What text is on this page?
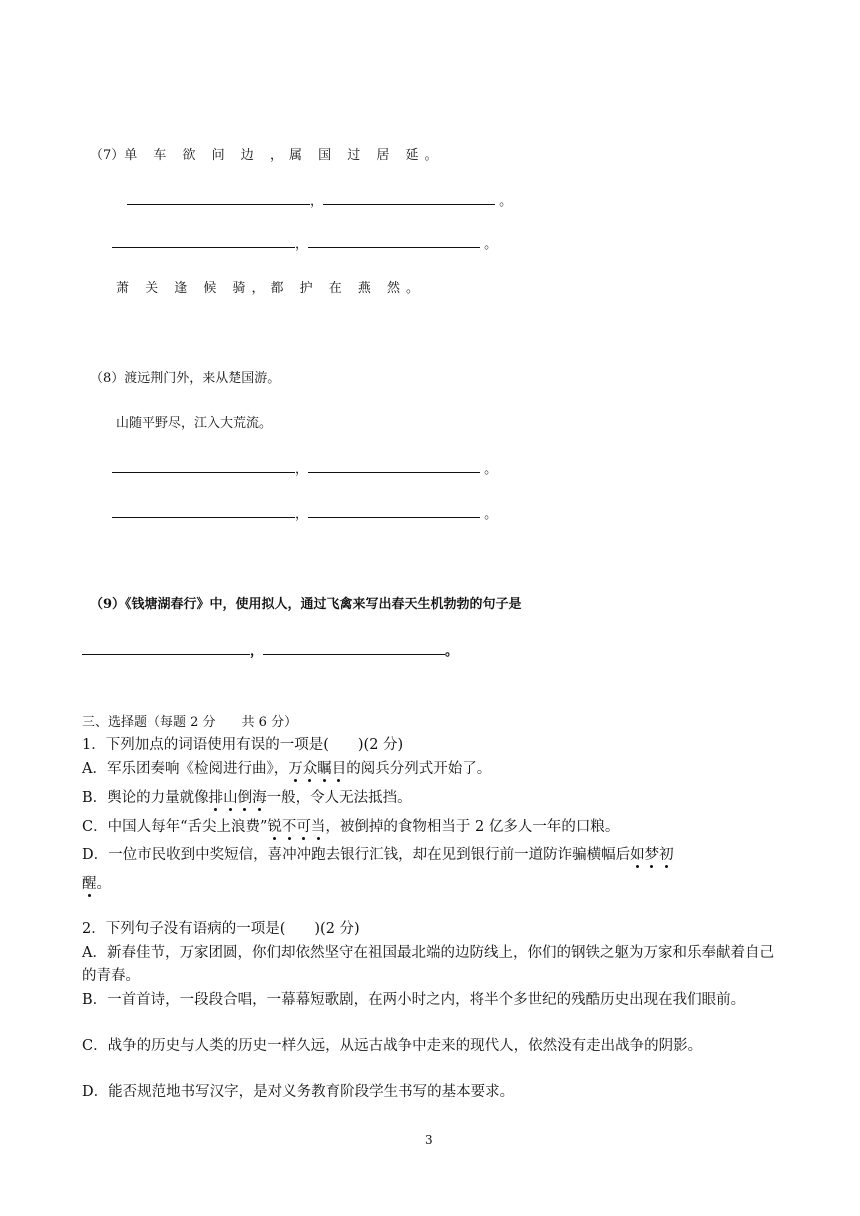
（7）单 车 欲 问 边 ，属 国 过 居 延。
，	。
，	。
萧 关 逢 候 骑，都 护 在 燕 然。
（8）渡远荆门外，来从楚国游。
山随平野尽，江入大荒流。
，	。
，	。
（9）《钱塘湖春行》中，使用拟人，通过飞禽来写出春天生机勃勃的句子是
，	。
三、选择题（每题 2 分　　共 6 分）
1．下列加点的词语使用有误的一项是(　　)(2 分)
A．军乐团奏响《检阅进行曲》，万众瞩目的阅兵分列式开始了。
B．舆论的力量就像排山倒海一般，令人无法抵挡。
C．中国人每年“舌尖上浪费”锐不可当，被倒掉的食物相当于 2 亿多人一年的口粮。
D．一位市民收到中奖短信，喜冲冲跑去银行汇钱，却在见到银行前一道防诈骗横幅后如梦初
醒。
2．下列句子没有语病的一项是(　　)(2 分)
A．新春佳节，万家团圆，你们却依然坚守在祖国最北端的边防线上，你们的钢铁之躯为万家和乐奉献着自己的青春。
B．一首首诗，一段段合唱，一幕幕短歌剧，在两小时之内，将半个多世纪的残酷历史出现在我们眼前。
C．战争的历史与人类的历史一样久远，从远古战争中走来的现代人，依然没有走出战争的阴影。
D．能否规范地书写汉字，是对义务教育阶段学生书写的基本要求。
3
